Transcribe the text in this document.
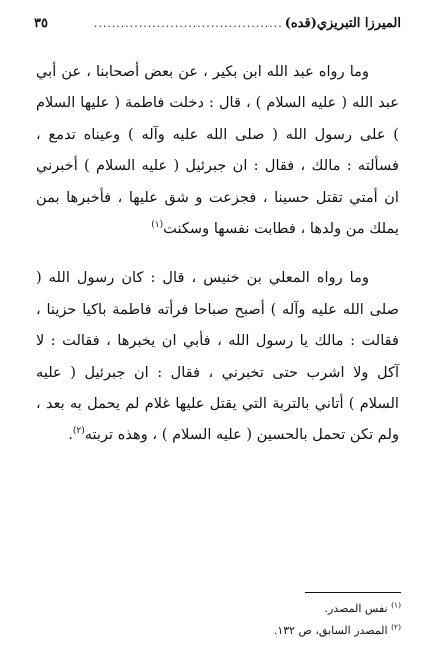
الميرزا التبريزي(قده)
..........................................
٣٥

وما رواه عبد الله ابن بكير ، عن بعض أصحابنا ، عن أبي عبد الله ( عليه السلام ) ، قال : دخلت فاطمة ( عليها السلام ) على رسول الله ( صلى الله عليه وآله ) وعيناه تدمع ، فسألته : مالك ، فقال : ان جبرئيل ( عليه السلام ) أخبرني ان أمتي تقتل حسينا ، فجزعت و شق عليها ، فأخبرها بمن يملك من ولدها ، فطابت نفسها وسكنت$^{(١)}$

وما رواه المعلي بن خنيس ، قال : كان رسول الله ( صلى الله عليه وآله ) أصبح صباحا فرأته فاطمة باكيا حزينا ، فقالت : مالك يا رسول الله ، فأبي ان يخبرها ، فقالت : لا آكل ولا اشرب حتى تخبرني ، فقال : ان جبرئيل ( عليه السلام ) أتاني بالتربة التي يقتل عليها غلام لم يحمل به بعد ، ولم تكن تحمل بالحسين ( عليه السلام ) ، وهذه تربته$^{(٢)}$.

$^{(١)}$ نفس المصدر.

$^{(٢)}$ المصدر السابق، ص ١٣٢.
